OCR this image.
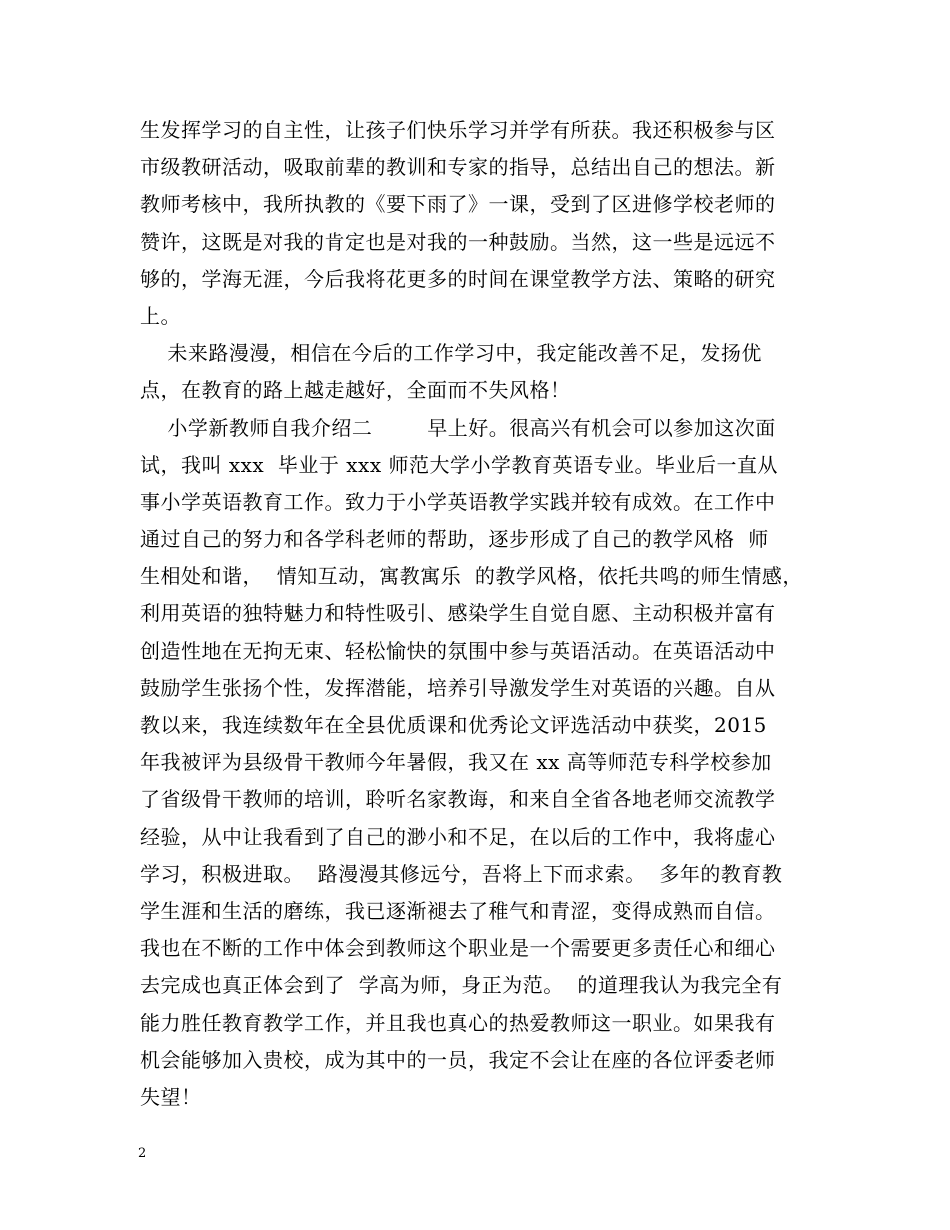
生发挥学习的自主性，让孩子们快乐学习并学有所获。我还积极参与区
市级教研活动，吸取前辈的教训和专家的指导，总结出自己的想法。新
教师考核中，我所执教的《要下雨了》一课，受到了区进修学校老师的
赞许，这既是对我的肯定也是对我的一种鼓励。当然，这一些是远远不
够的，学海无涯，今后我将花更多的时间在课堂教学方法、策略的研究
上。
未来路漫漫，相信在今后的工作学习中，我定能改善不足，发扬优
点，在教育的路上越走越好，全面而不失风格！
小学新教师自我介绍二        早上好。很高兴有机会可以参加这次面
试，我叫 xxx  毕业于 xxx 师范大学小学教育英语专业。毕业后一直从
事小学英语教育工作。致力于小学英语教学实践并较有成效。在工作中
通过自己的努力和各学科老师的帮助，逐步形成了自己的教学风格  师
生相处和谐，  情知互动，寓教寓乐  的教学风格，依托共鸣的师生情感，
利用英语的独特魅力和特性吸引、感染学生自觉自愿、主动积极并富有
创造性地在无拘无束、轻松愉快的氛围中参与英语活动。在英语活动中
鼓励学生张扬个性，发挥潜能，培养引导激发学生对英语的兴趣。自从
教以来，我连续数年在全县优质课和优秀论文评选活动中获奖，2015
年我被评为县级骨干教师今年暑假，我又在 xx 高等师范专科学校参加
了省级骨干教师的培训，聆听名家教诲，和来自全省各地老师交流教学
经验，从中让我看到了自己的渺小和不足，在以后的工作中，我将虚心
学习，积极进取。  路漫漫其修远兮，吾将上下而求索。  多年的教育教
学生涯和生活的磨练，我已逐渐褪去了稚气和青涩，变得成熟而自信。
我也在不断的工作中体会到教师这个职业是一个需要更多责任心和细心
去完成也真正体会到了  学高为师，身正为范。  的道理我认为我完全有
能力胜任教育教学工作，并且我也真心的热爱教师这一职业。如果我有
机会能够加入贵校，成为其中的一员，我定不会让在座的各位评委老师
失望！
2
